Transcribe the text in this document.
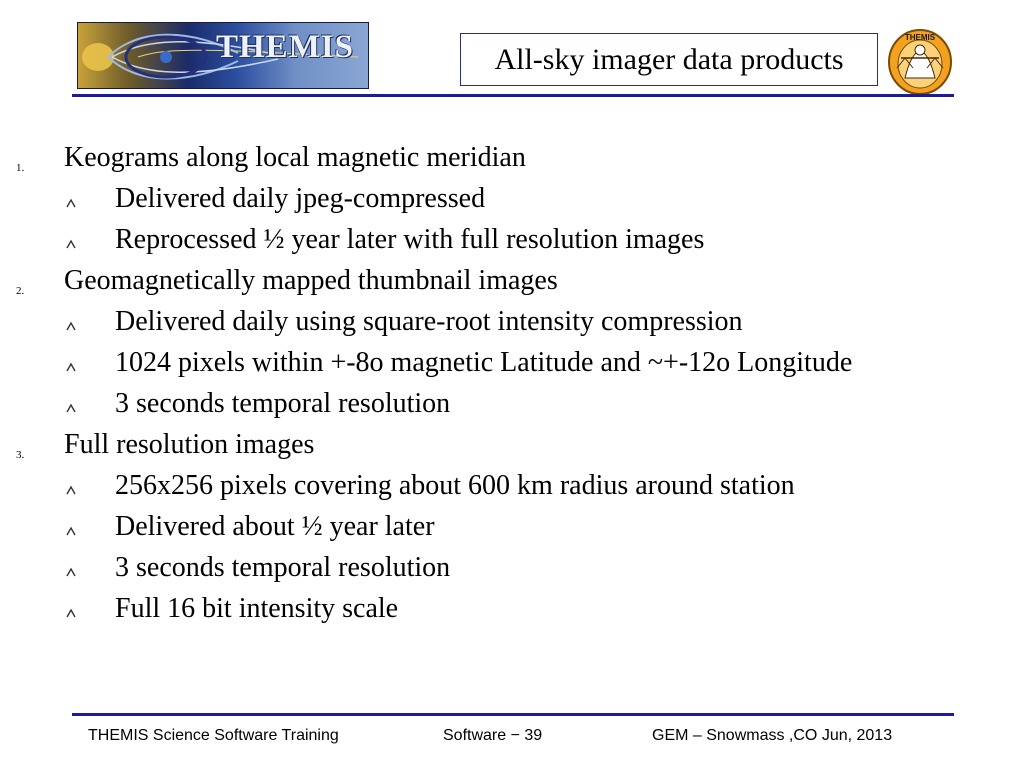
THEMIS	All-sky imager data products
THEMIS
1. Keograms along local magnetic meridian
Delivered daily jpeg-compressed
Reprocessed ½ year later with full resolution images
2. Geomagnetically mapped thumbnail images
Delivered daily using square-root intensity compression
1024 pixels within +-8o magnetic Latitude and ~+-12o Longitude
3 seconds temporal resolution
3. Full resolution images
256x256 pixels covering about 600 km radius around station
Delivered about ½ year later
3 seconds temporal resolution
Full 16 bit intensity scale
THEMIS Science Software Training	Software − 39	GEM – Snowmass ,CO Jun, 2013
